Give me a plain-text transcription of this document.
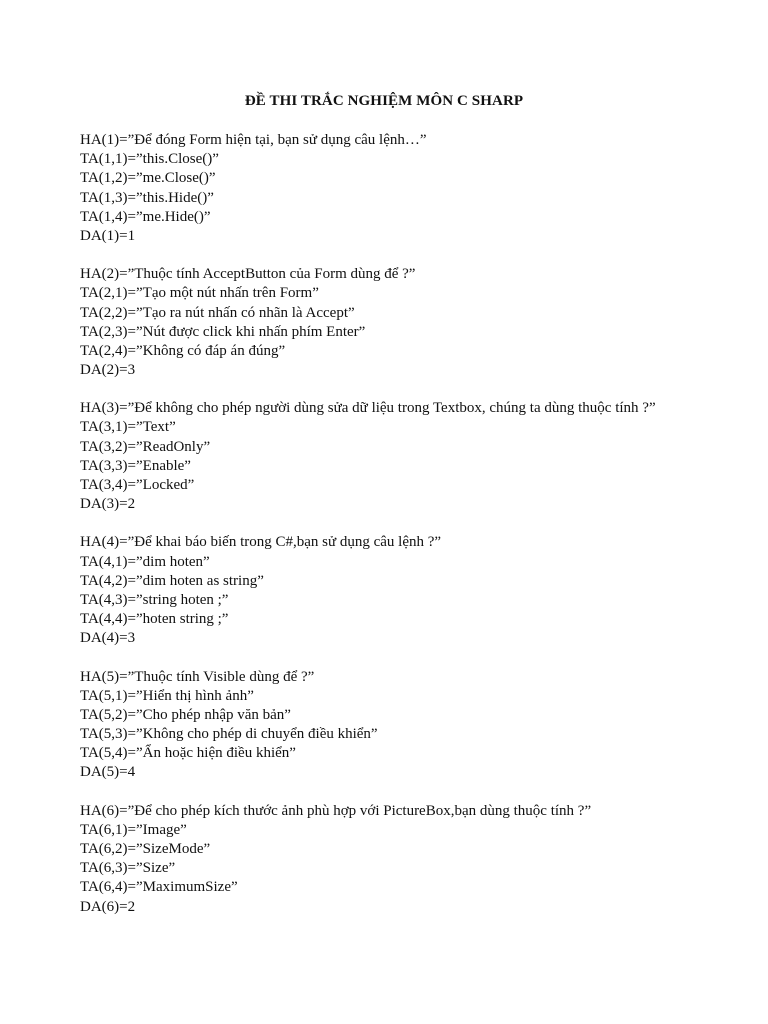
ĐỀ THI TRẮC NGHIỆM MÔN C SHARP
HA(1)=”Để đóng Form hiện tại, bạn sử dụng câu lệnh…”
TA(1,1)=”this.Close()”
TA(1,2)=”me.Close()”
TA(1,3)=”this.Hide()”
TA(1,4)=”me.Hide()”
DA(1)=1
HA(2)=”Thuộc tính AcceptButton của Form dùng để ?”
TA(2,1)=”Tạo một nút nhấn trên Form”
TA(2,2)=”Tạo ra nút nhấn có nhãn là Accept”
TA(2,3)=”Nút được click khi nhấn phím Enter”
TA(2,4)=”Không có đáp án đúng”
DA(2)=3
HA(3)=”Để không cho phép người dùng sửa dữ liệu trong Textbox, chúng ta dùng thuộc tính ?”
TA(3,1)=”Text”
TA(3,2)=”ReadOnly”
TA(3,3)=”Enable”
TA(3,4)=”Locked”
DA(3)=2
HA(4)=”Để khai báo biến trong C#,bạn sử dụng câu lệnh ?”
TA(4,1)=”dim hoten”
TA(4,2)=”dim hoten as string”
TA(4,3)=”string hoten ;”
TA(4,4)=”hoten string ;”
DA(4)=3
HA(5)=”Thuộc tính Visible dùng để ?”
TA(5,1)=”Hiển thị hình ảnh”
TA(5,2)=”Cho phép nhập văn bản”
TA(5,3)=”Không cho phép di chuyển điều khiển”
TA(5,4)=”Ẩn hoặc hiện điều khiển”
DA(5)=4
HA(6)=”Để cho phép kích thước ảnh phù hợp với PictureBox,bạn dùng thuộc tính ?”
TA(6,1)=”Image”
TA(6,2)=”SizeMode”
TA(6,3)=”Size”
TA(6,4)=”MaximumSize”
DA(6)=2
